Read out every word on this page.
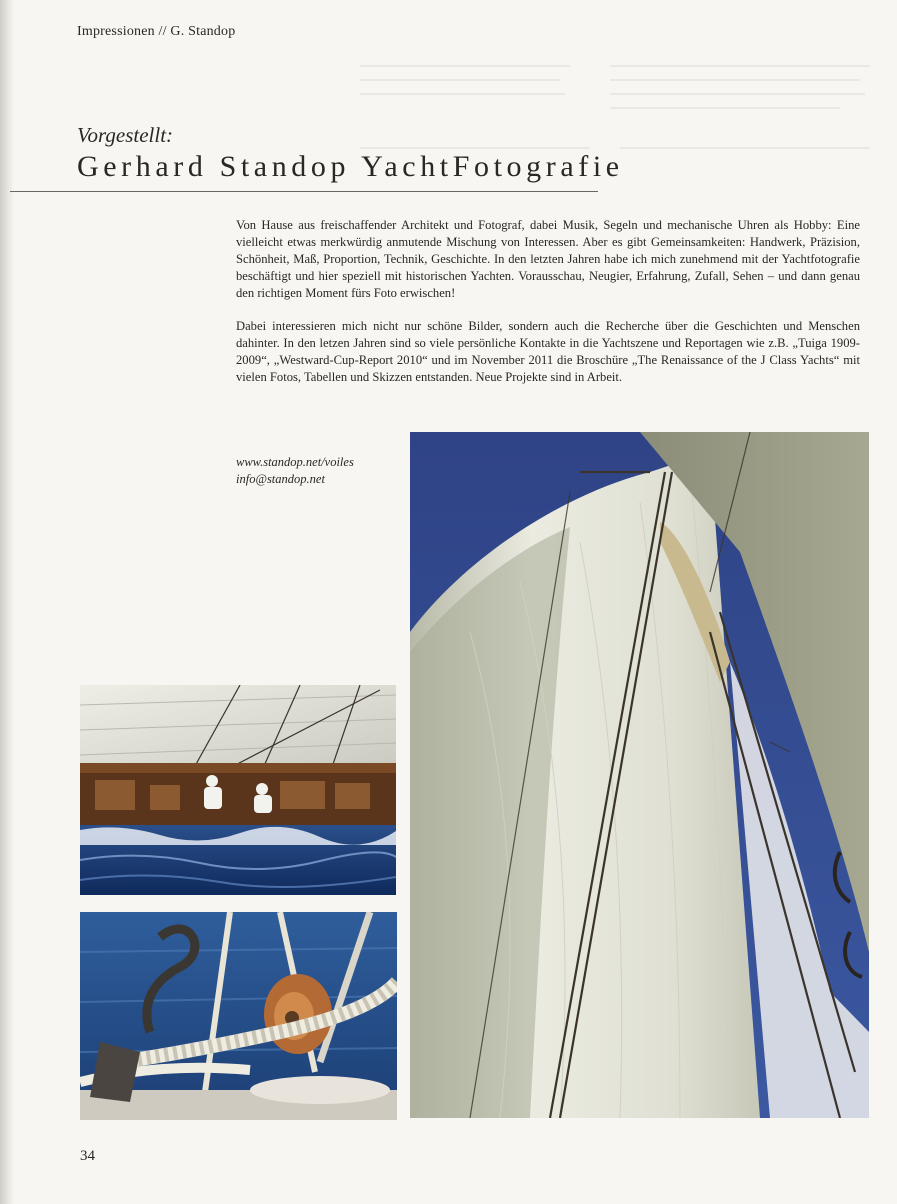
Impressionen // G. Standop
Vorgestellt:
Gerhard Standop YachtFotografie

Von Hause aus freischaffender Architekt und Fotograf, dabei Musik, Segeln und mechanische Uhren als Hobby: Eine vielleicht etwas merkwürdig anmutende Mischung von Interessen. Aber es gibt Gemeinsamkeiten: Handwerk, Präzision, Schönheit, Maß, Proportion, Technik, Geschichte. In den letzten Jahren habe ich mich zunehmend mit der Yachtfotografie beschäftigt und hier speziell mit historischen Yachten. Vorausschau, Neugier, Erfahrung, Zufall, Sehen – und dann genau den richtigen Moment fürs Foto erwischen!

Dabei interessieren mich nicht nur schöne Bilder, sondern auch die Recherche über die Geschichten und Menschen dahinter. In den letzen Jahren sind so viele persönliche Kontakte in die Yachtszene und Reportagen wie z.B. „Tuiga 1909-2009“, „Westward-Cup-Report 2010“ und im November 2011 die Broschüre „The Renaissance of the J Class Yachts“ mit vielen Fotos, Tabellen und Skizzen entstanden. Neue Projekte sind in Arbeit.

www.standop.net/voiles
info@standop.net
34
